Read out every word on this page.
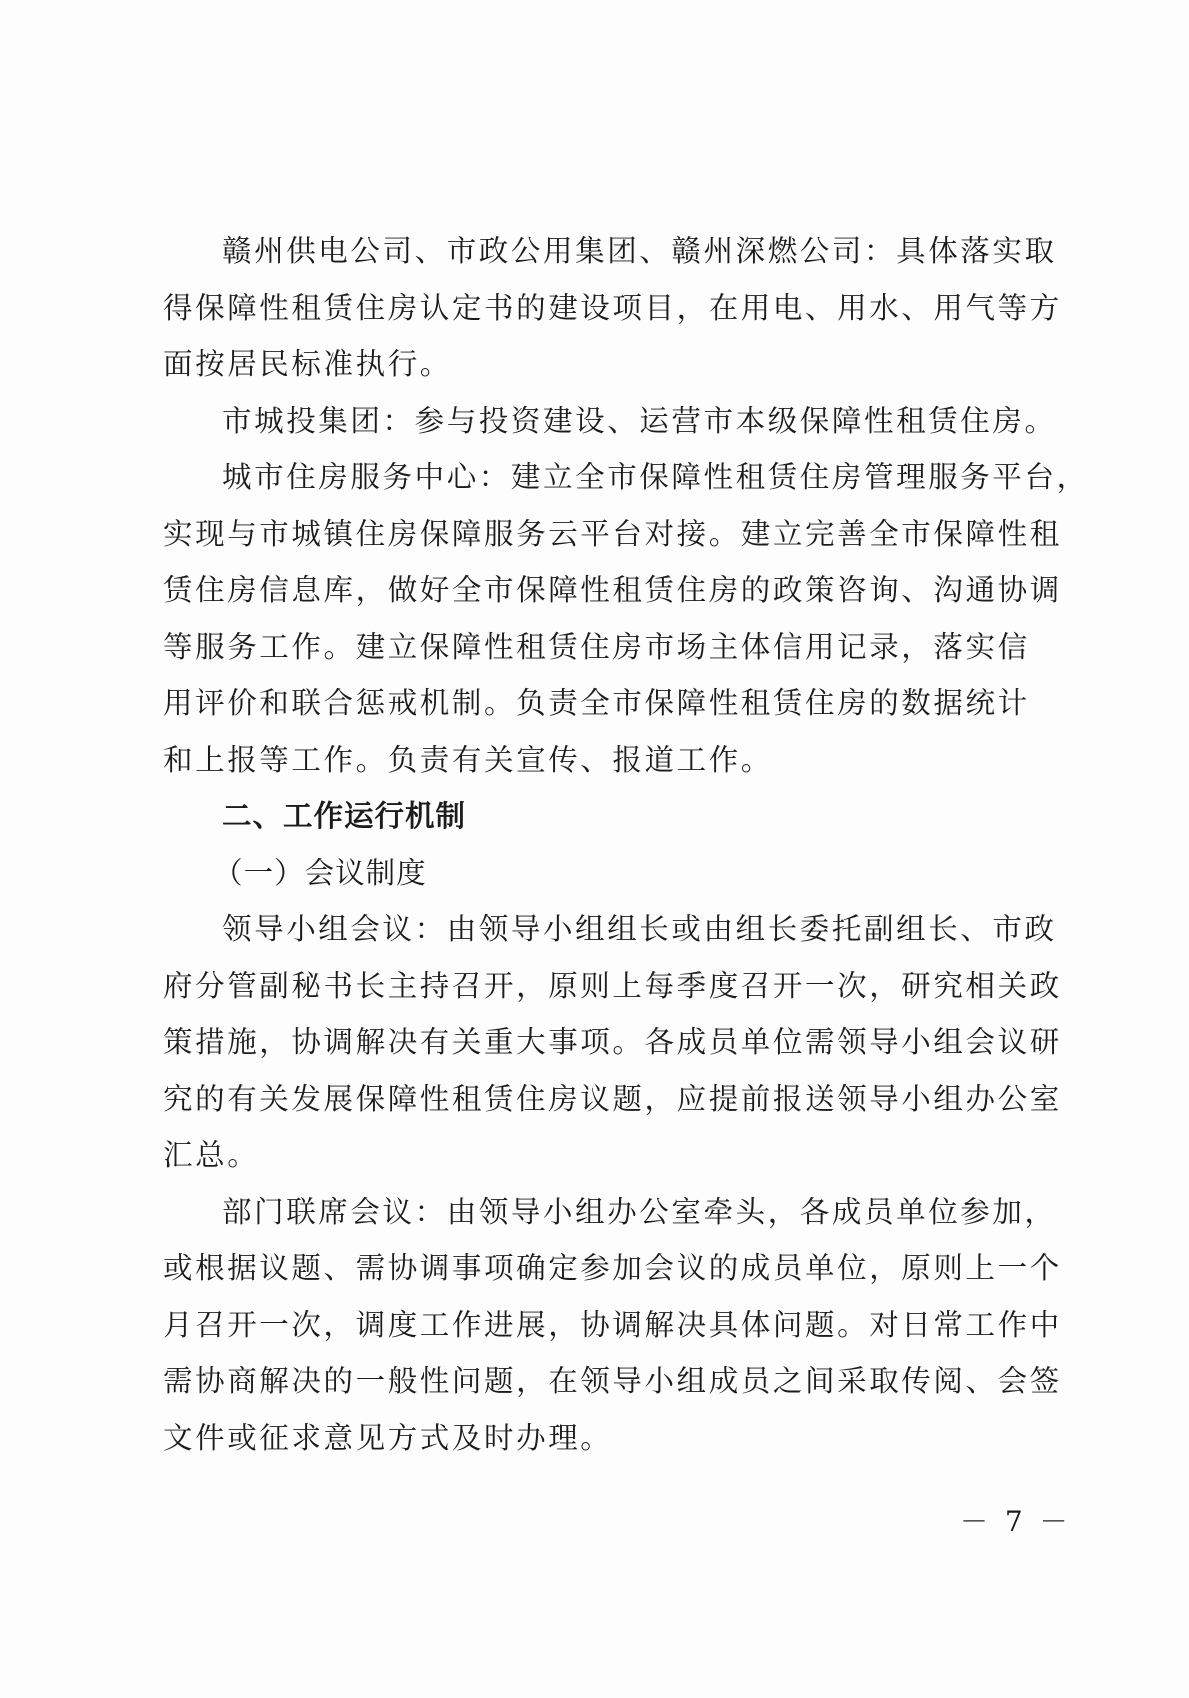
赣州供电公司、市政公用集团、赣州深燃公司：具体落实取
得保障性租赁住房认定书的建设项目，在用电、用水、用气等方
面按居民标准执行。

市城投集团：参与投资建设、运营市本级保障性租赁住房。

城市住房服务中心：建立全市保障性租赁住房管理服务平台，
实现与市城镇住房保障服务云平台对接。建立完善全市保障性租
赁住房信息库，做好全市保障性租赁住房的政策咨询、沟通协调
等服务工作。建立保障性租赁住房市场主体信用记录，落实信
用评价和联合惩戒机制。负责全市保障性租赁住房的数据统计
和上报等工作。负责有关宣传、报道工作。

二、工作运行机制

（一）会议制度

领导小组会议：由领导小组组长或由组长委托副组长、市政
府分管副秘书长主持召开，原则上每季度召开一次，研究相关政
策措施，协调解决有关重大事项。各成员单位需领导小组会议研
究的有关发展保障性租赁住房议题，应提前报送领导小组办公室
汇总。

部门联席会议：由领导小组办公室牵头，各成员单位参加，
或根据议题、需协调事项确定参加会议的成员单位，原则上一个
月召开一次，调度工作进展，协调解决具体问题。对日常工作中
需协商解决的一般性问题，在领导小组成员之间采取传阅、会签
文件或征求意见方式及时办理。

－ 7 －
